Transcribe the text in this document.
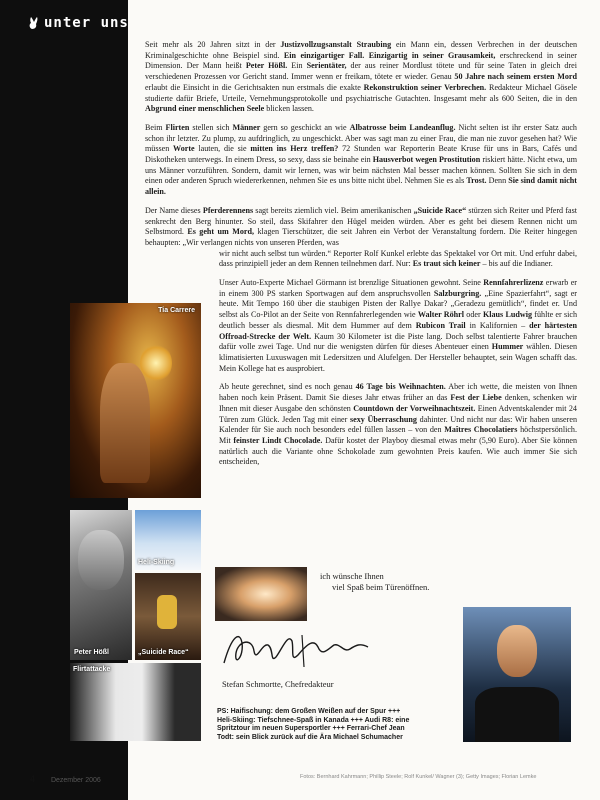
unter uns

Seit mehr als 20 Jahren sitzt in der Justizvollzugsanstalt Straubing ein Mann ein, dessen Verbrechen in der deutschen Kriminalgeschichte ohne Beispiel sind. Ein einzigartiger Fall. Einzigartig in seiner Grausamkeit, erschreckend in seiner Dimension. Der Mann heißt Peter Hößl. Ein Serientäter, der aus reiner Mordlust tötete und für seine Taten in gleich drei verschiedenen Prozessen vor Gericht stand. Immer wenn er freikam, tötete er wieder. Genau 50 Jahre nach seinem ersten Mord erlaubt die Einsicht in die Gerichtsakten nun erstmals die exakte Rekonstruktion seiner Verbrechen. Redakteur Michael Gösele studierte dafür Briefe, Urteile, Vernehmungsprotokolle und psychiatrische Gutachten. Insgesamt mehr als 600 Seiten, die in den Abgrund einer menschlichen Seele blicken lassen.

Beim Flirten stellen sich Männer gern so geschickt an wie Albatrosse beim Landeanflug. Nicht selten ist ihr erster Satz auch schon ihr letzter. Zu plump, zu aufdringlich, zu ungeschickt. Aber was sagt man zu einer Frau, die man nie zuvor gesehen hat? Wie müssen Worte lauten, die sie mitten ins Herz treffen? 72 Stunden war Reporterin Beate Kruse für uns in Bars, Cafés und Diskotheken unterwegs. In einem Dress, so sexy, dass sie beinahe ein Hausverbot wegen Prostitution riskiert hätte. Nicht etwa, um uns Männer vorzuführen. Sondern, damit wir lernen, was wir beim nächsten Mal besser machen können. Sollten Sie sich in dem einen oder anderen Spruch wiedererkennen, nehmen Sie es uns bitte nicht übel. Nehmen Sie es als Trost. Denn Sie sind damit nicht allein.

Der Name dieses Pferderennens sagt bereits ziemlich viel. Beim amerikanischen „Suicide Race“ stürzen sich Reiter und Pferd fast senkrecht den Berg hinunter. So steil, dass Skifahrer den Hügel meiden würden. Aber es geht bei diesem Rennen nicht um Selbstmord. Es geht um Mord, klagen Tierschützer, die seit Jahren ein Verbot der Veranstaltung fordern. Die Reiter hingegen behaupten: „Wir verlangen nichts von unseren Pferden, was

wir nicht auch selbst tun würden.“ Reporter Rolf Kunkel erlebte das Spektakel vor Ort mit. Und erfuhr dabei, dass prinzipiell jeder an dem Rennen teilnehmen darf. Nur: Es traut sich keiner – bis auf die Indianer.

Unser Auto-Experte Michael Görmann ist brenzlige Situationen gewohnt. Seine Rennfahrerlizenz erwarb er in einem 300 PS starken Sportwagen auf dem anspruchsvollen Salzburgring. „Eine Spazierfahrt“, sagt er heute. Mit Tempo 160 über die staubigen Pisten der Rallye Dakar? „Geradezu gemütlich“, findet er. Und selbst als Co-Pilot an der Seite von Rennfahrerlegenden wie Walter Röhrl oder Klaus Ludwig fühlte er sich deutlich besser als diesmal. Mit dem Hummer auf dem Rubicon Trail in Kalifornien – der härtesten Offroad-Strecke der Welt. Kaum 30 Kilometer ist die Piste lang. Doch selbst talentierte Fahrer brauchen dafür volle zwei Tage. Und nur die wenigsten dürfen für dieses Abenteuer einen Hummer wählen. Diesen klimatisierten Luxuswagen mit Ledersitzen und Alufelgen. Der Hersteller behauptet, sein Wagen schafft das. Mein Kollege hat es ausprobiert.

Ab heute gerechnet, sind es noch genau 46 Tage bis Weihnachten. Aber ich wette, die meisten von Ihnen haben noch kein Präsent. Damit Sie dieses Jahr etwas früher an das Fest der Liebe denken, schenken wir Ihnen mit dieser Ausgabe den schönsten Countdown der Vorweihnachtszeit. Einen Adventskalender mit 24 Türen zum Glück. Jeden Tag mit einer sexy Überraschung dahinter. Und nicht nur das: Wir haben unseren Kalender für Sie auch noch besonders edel füllen lassen – von den Maîtres Chocolatiers höchstpersönlich. Mit feinster Lindt Chocolade. Dafür kostet der Playboy diesmal etwas mehr (5,90 Euro). Aber Sie können natürlich auch die Variante ohne Schokolade zum gewohnten Preis kaufen. Wie auch immer Sie sich entscheiden,

Tia Carrere
Peter Hößl
Heli-Skiing
„Suicide Race“
Flirtattacke
ich wünsche Ihnen
viel Spaß beim Türenöffnen.
Stefan Schmortte, Chefredakteur
PS: Haifischung: dem Großen Weißen auf der Spur +++
Heli-Skiing: Tiefschnee-Spaß in Kanada +++ Audi R8: eine
Spritztour im neuen Supersportler +++ Ferrari-Chef Jean
Todt: sein Blick zurück auf die Ära Michael Schumacher
4 Dezember 2006	Fotos: Bernhard Kahrmann; Phillip Steele; Rolf Kunkel/ Wagner (3); Getty Images; Florian Lemke
